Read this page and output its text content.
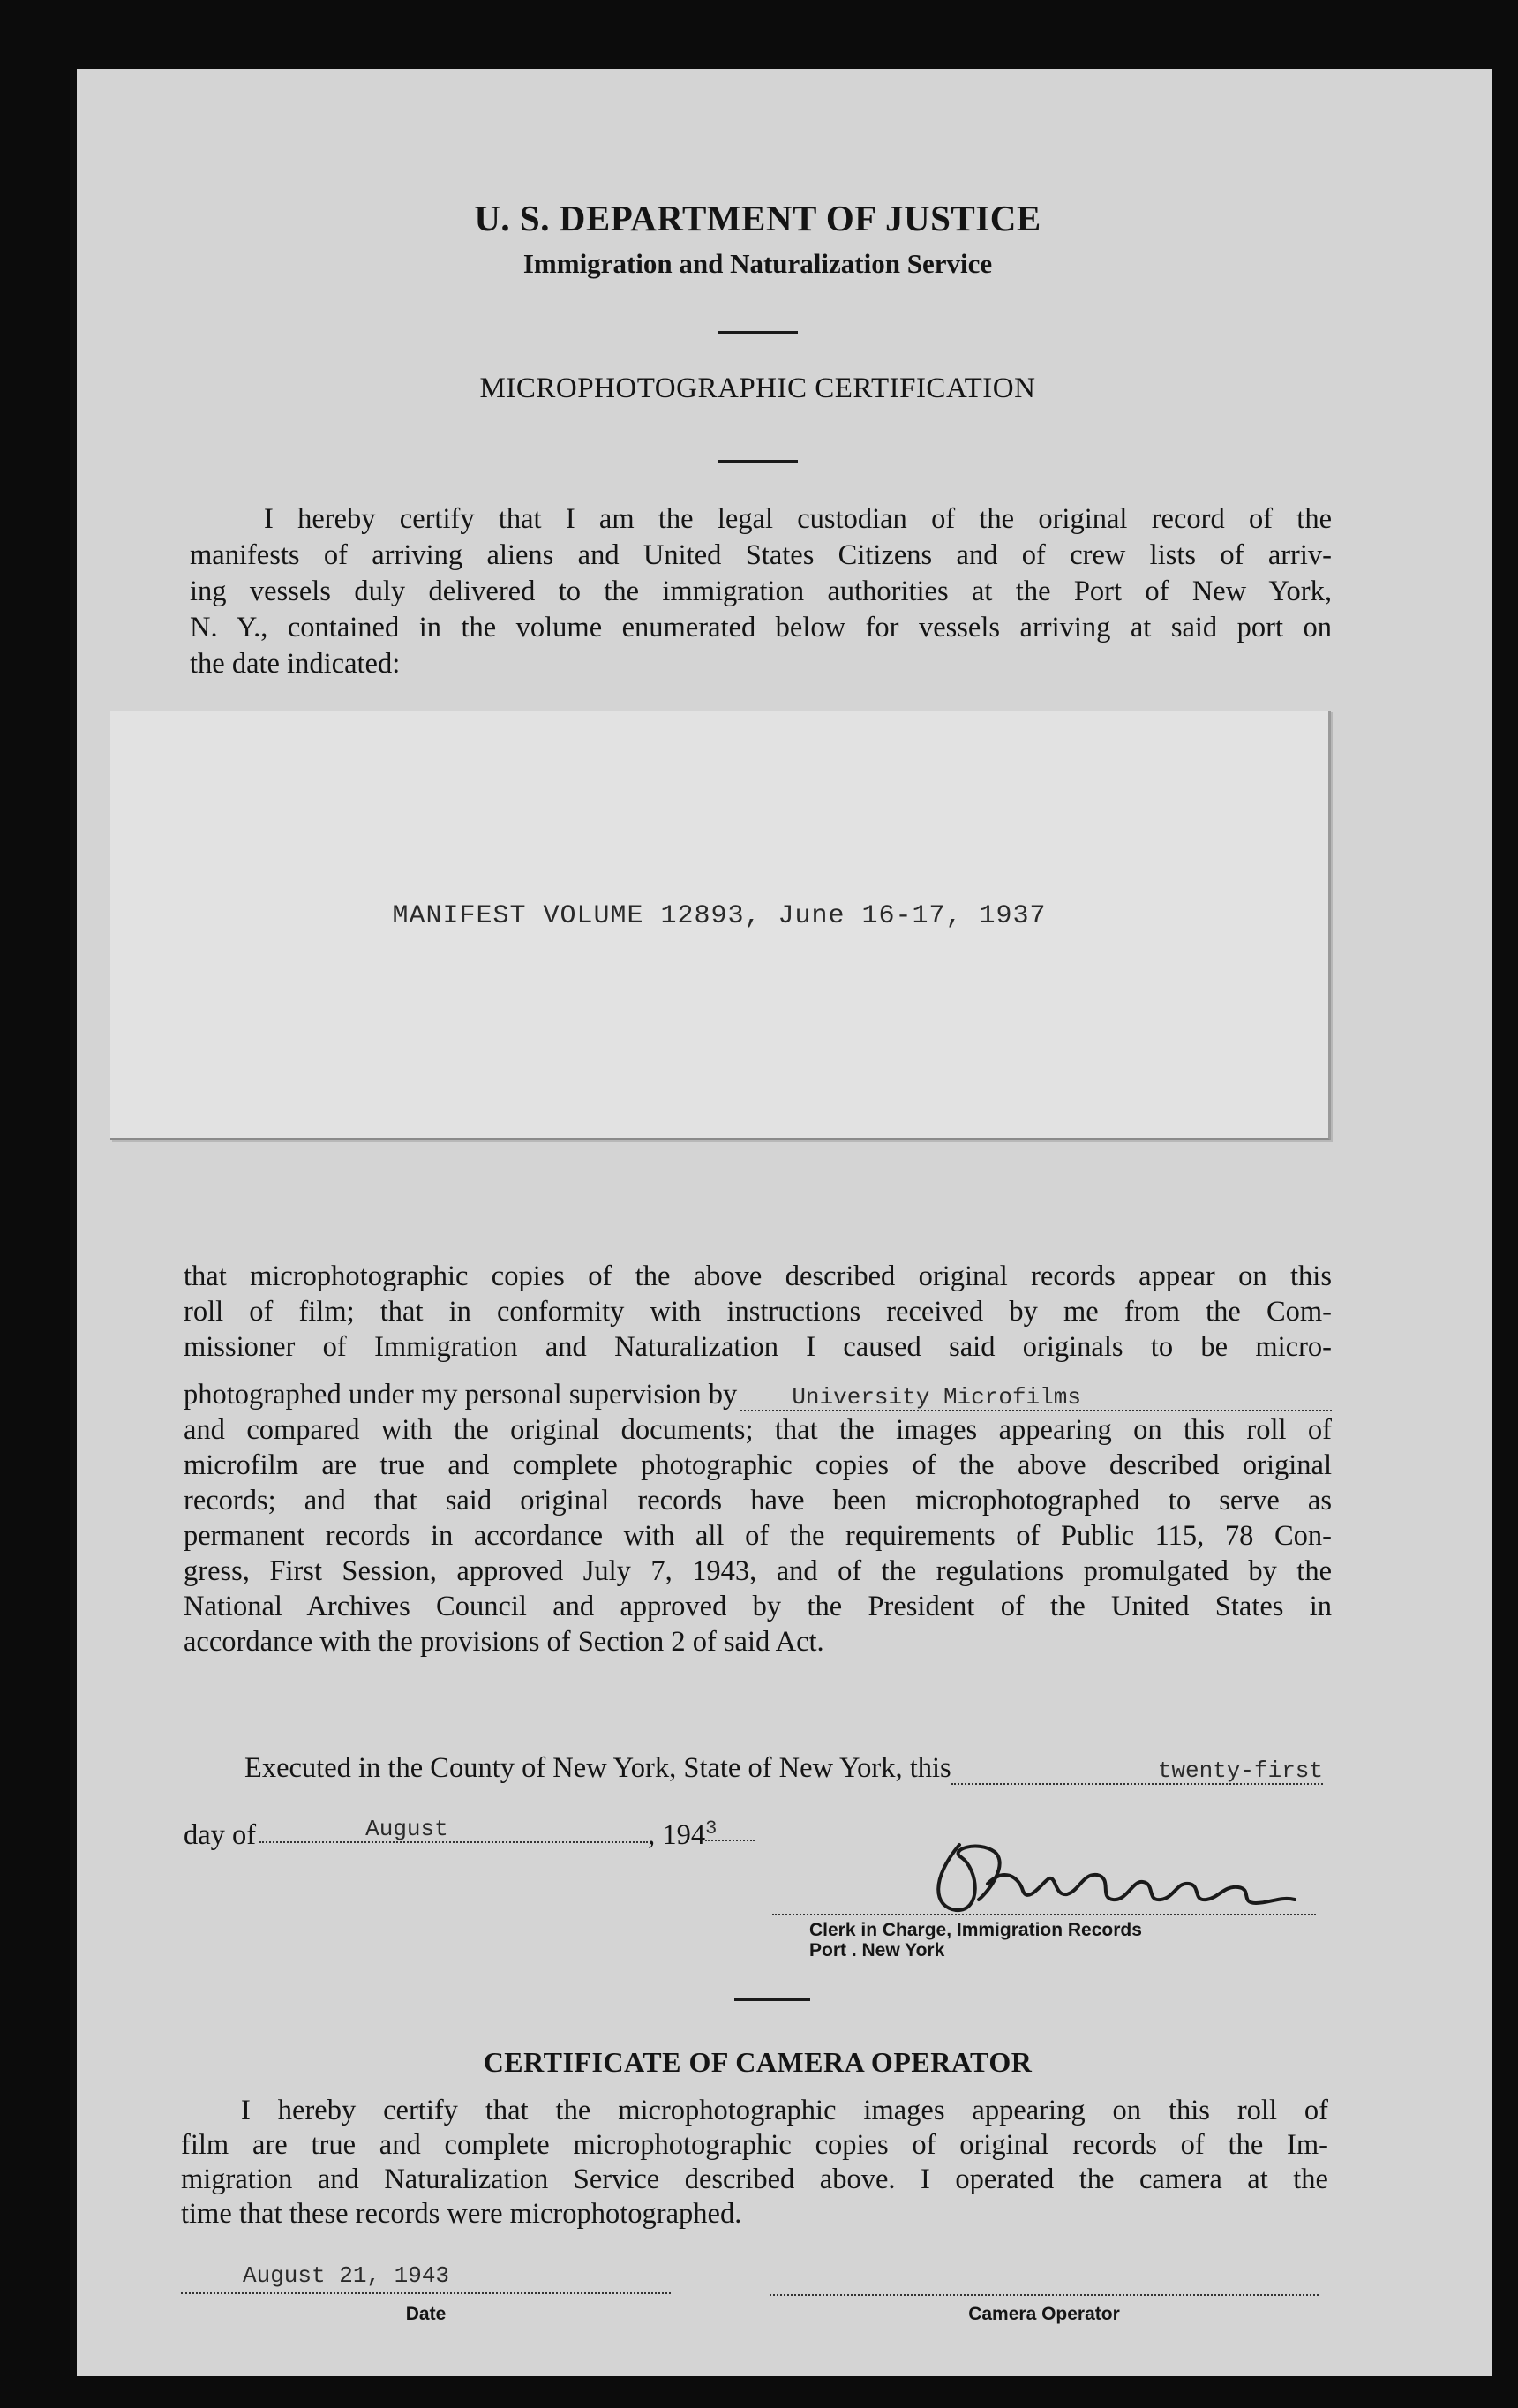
U. S. DEPARTMENT OF JUSTICE
Immigration and Naturalization Service
MICROPHOTOGRAPHIC CERTIFICATION
I hereby certify that I am the legal custodian of the original record of the
manifests of arriving aliens and United States Citizens and of crew lists of arriv-
ing vessels duly delivered to the immigration authorities at the Port of New York,
N. Y., contained in the volume enumerated below for vessels arriving at said port on
the date indicated:
MANIFEST VOLUME 12893, June 16-17, 1937
that microphotographic copies of the above described original records appear on this
roll of film; that in conformity with instructions received by me from the Com-
missioner of Immigration and Naturalization I caused said originals to be micro-
photographed under my personal supervision by	University Microfilms
and compared with the original documents; that the images appearing on this roll of
microfilm are true and complete photographic copies of the above described original
records; and that said original records have been microphotographed to serve as
permanent records in accordance with all of the requirements of Public 115, 78 Con-
gress, First Session, approved July 7, 1943, and of the regulations promulgated by the
National Archives Council and approved by the President of the United States in
accordance with the provisions of Section 2 of said Act.
Executed in the County of New York, State of New York, this	twenty-first
day of	August	, 194 3
Clerk in Charge, Immigration Records
Port . New York
CERTIFICATE OF CAMERA OPERATOR
I hereby certify that the microphotographic images appearing on this roll of
film are true and complete microphotographic copies of original records of the Im-
migration and Naturalization Service described above. I operated the camera at the
time that these records were microphotographed.
August 21, 1943
Date	Camera Operator
